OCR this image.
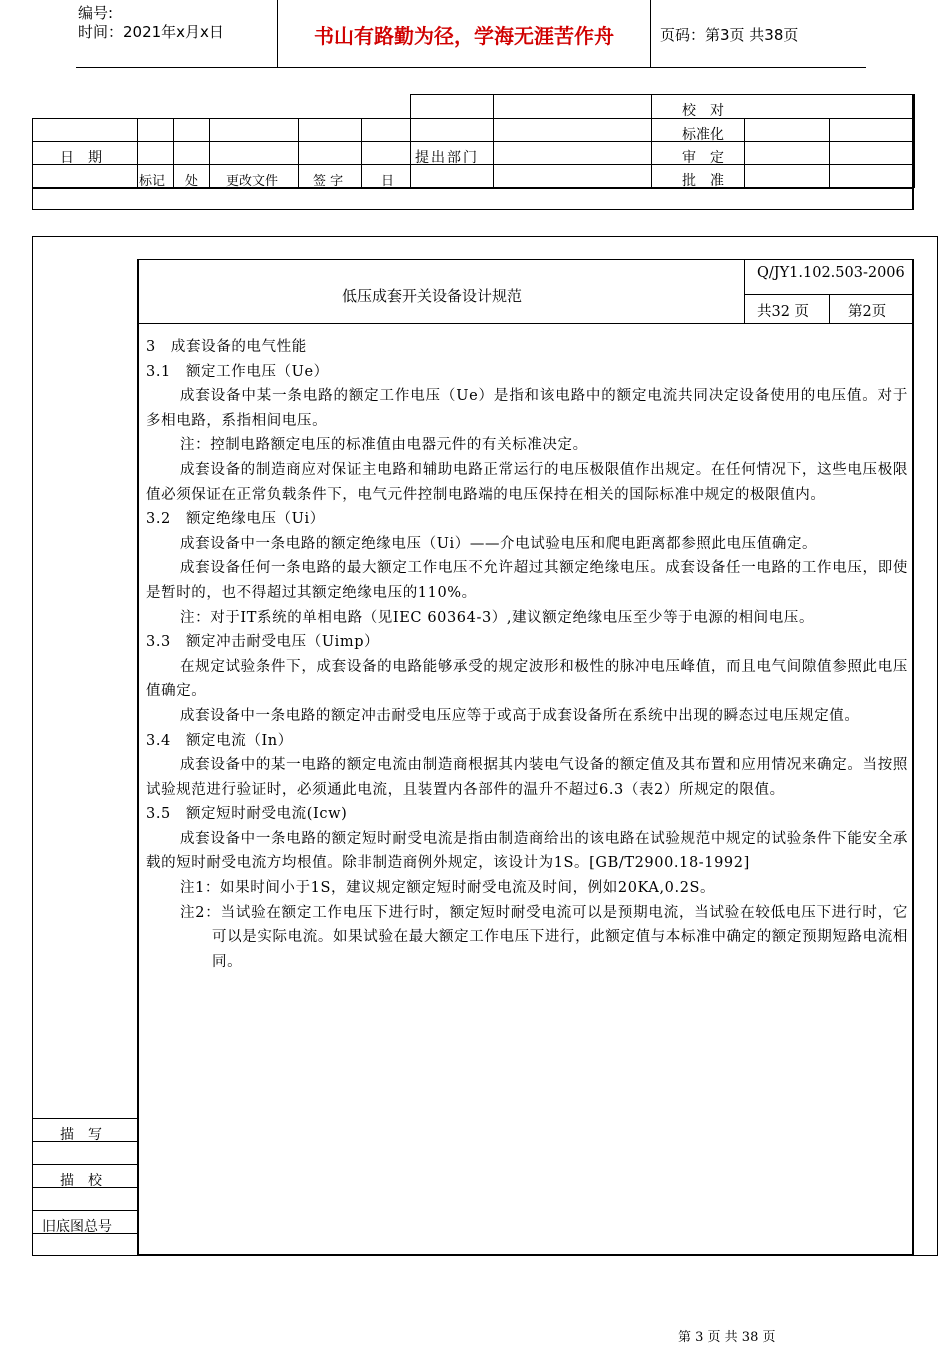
编号:
时间：2021年x月x日	书山有路勤为径，学海无涯苦作舟	页码：第3页 共38页
日　期	提出部门
标记 处 更改文件	签 字	日
校　对
标准化
审　定
批　准
低压成套开关设备设计规范
Q/JY1.102.503-2006
共32 页	第2页
描　写
描　校
旧底图总号

3　成套设备的电气性能

3.1　额定工作电压（Ue）

成套设备中某一条电路的额定工作电压（Ue）是指和该电路中的额定电流共同决定设备使用的电压值。对于多相电路，系指相间电压。

注：控制电路额定电压的标准值由电器元件的有关标准决定。

成套设备的制造商应对保证主电路和辅助电路正常运行的电压极限值作出规定。在任何情况下，这些电压极限值必须保证在正常负载条件下，电气元件控制电路端的电压保持在相关的国际标准中规定的极限值内。

3.2　额定绝缘电压（Ui）

成套设备中一条电路的额定绝缘电压（Ui）——介电试验电压和爬电距离都参照此电压值确定。

成套设备任何一条电路的最大额定工作电压不允许超过其额定绝缘电压。成套设备任一电路的工作电压，即使是暂时的，也不得超过其额定绝缘电压的110%。

注：对于IT系统的单相电路（见IEC 60364-3）,建议额定绝缘电压至少等于电源的相间电压。

3.3　额定冲击耐受电压（Uimp）

在规定试验条件下，成套设备的电路能够承受的规定波形和极性的脉冲电压峰值，而且电气间隙值参照此电压值确定。

成套设备中一条电路的额定冲击耐受电压应等于或高于成套设备所在系统中出现的瞬态过电压规定值。

3.4　额定电流（In）

成套设备中的某一电路的额定电流由制造商根据其内装电气设备的额定值及其布置和应用情况来确定。当按照试验规范进行验证时，必须通此电流，且装置内各部件的温升不超过6.3（表2）所规定的限值。

3.5　额定短时耐受电流(Icw)

成套设备中一条电路的额定短时耐受电流是指由制造商给出的该电路在试验规范中规定的试验条件下能安全承载的短时耐受电流方均根值。除非制造商例外规定，该设计为1S。[GB/T2900.18-1992]

注1：如果时间小于1S，建议规定额定短时耐受电流及时间，例如20KA,0.2S。

注2：当试验在额定工作电压下进行时，额定短时耐受电流可以是预期电流，当试验在较低电压下进行时，它可以是实际电流。如果试验在最大额定工作电压下进行，此额定值与本标准中确定的额定预期短路电流相同。

第 3 页 共 38 页
